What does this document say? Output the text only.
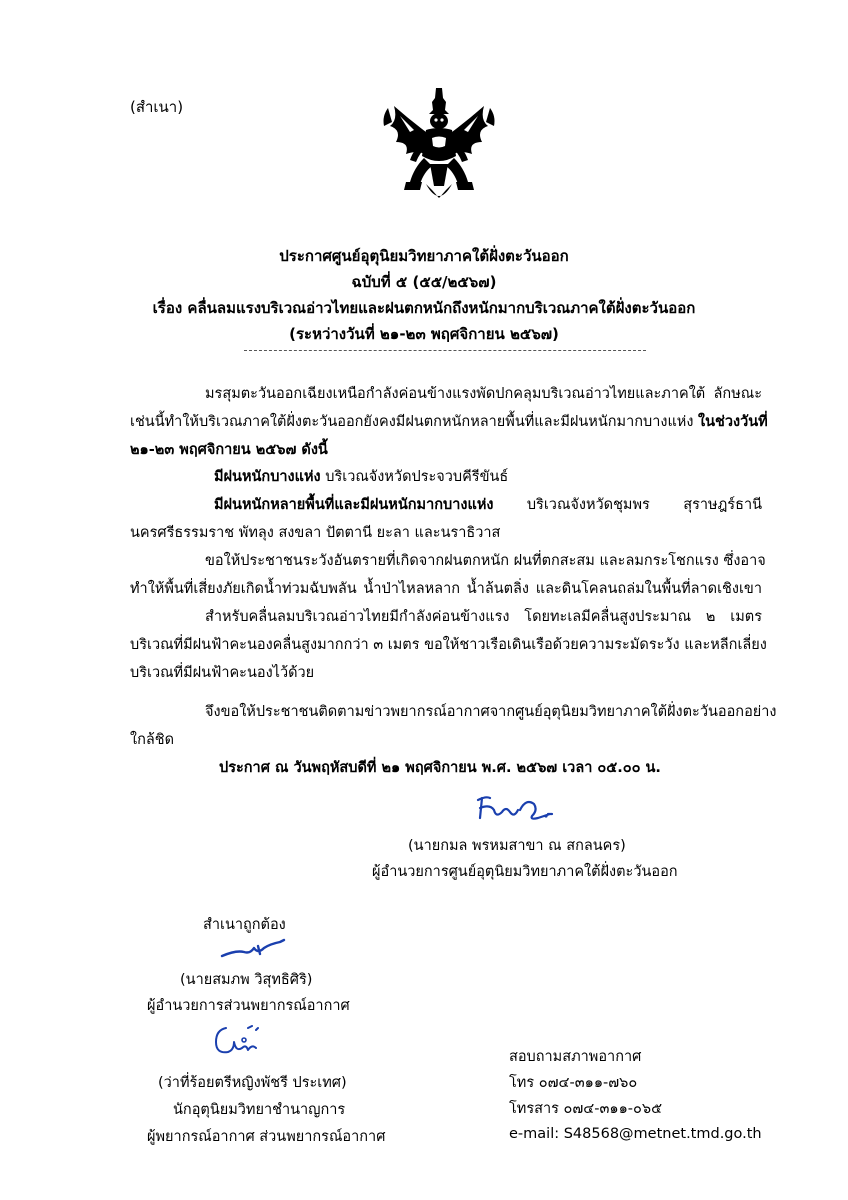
(สำเนา)
ประกาศศูนย์อุตุนิยมวิทยาภาคใต้ฝั่งตะวันออก
ฉบับที่ ๕ (๕๕/๒๕๖๗)
เรื่อง คลื่นลมแรงบริเวณอ่าวไทยและฝนตกหนักถึงหนักมากบริเวณภาคใต้ฝั่งตะวันออก
(ระหว่างวันที่ ๒๑-๒๓ พฤศจิกายน ๒๕๖๗)
มรสุมตะวันออกเฉียงเหนือกำลังค่อนข้างแรงพัดปกคลุมบริเวณอ่าวไทยและภาคใต้ ลักษณะ
เช่นนี้ทำให้บริเวณภาคใต้ฝั่งตะวันออกยังคงมีฝนตกหนักหลายพื้นที่และมีฝนหนักมากบางแห่ง ในช่วงวันที่
๒๑-๒๓ พฤศจิกายน ๒๕๖๗ ดังนี้
มีฝนหนักบางแห่ง บริเวณจังหวัดประจวบคีรีขันธ์
มีฝนหนักหลายพื้นที่และมีฝนหนักมากบางแห่ง บริเวณจังหวัดชุมพร สุราษฎร์ธานี
นครศรีธรรมราช พัทลุง สงขลา ปัตตานี ยะลา และนราธิวาส
ขอให้ประชาชนระวังอันตรายที่เกิดจากฝนตกหนัก ฝนที่ตกสะสม และลมกระโชกแรง ซึ่งอาจ
ทำให้พื้นที่เสี่ยงภัยเกิดน้ำท่วมฉับพลัน น้ำป่าไหลหลาก น้ำล้นตลิ่ง และดินโคลนถล่มในพื้นที่ลาดเชิงเขา
สำหรับคลื่นลมบริเวณอ่าวไทยมีกำลังค่อนข้างแรง โดยทะเลมีคลื่นสูงประมาณ ๒ เมตร
บริเวณที่มีฝนฟ้าคะนองคลื่นสูงมากกว่า ๓ เมตร ขอให้ชาวเรือเดินเรือด้วยความระมัดระวัง และหลีกเลี่ยง
บริเวณที่มีฝนฟ้าคะนองไว้ด้วย
จึงขอให้ประชาชนติดตามข่าวพยากรณ์อากาศจากศูนย์อุตุนิยมวิทยาภาคใต้ฝั่งตะวันออกอย่าง
ใกล้ชิด
ประกาศ ณ วันพฤหัสบดีที่ ๒๑ พฤศจิกายน พ.ศ. ๒๕๖๗ เวลา ๐๕.๐๐ น.
(นายกมล พรหมสาขา ณ สกลนคร)
ผู้อำนวยการศูนย์อุตุนิยมวิทยาภาคใต้ฝั่งตะวันออก
สำเนาถูกต้อง
(นายสมภพ วิสุทธิศิริ)
ผู้อำนวยการส่วนพยากรณ์อากาศ
(ว่าที่ร้อยตรีหญิงพัชรี ประเทศ)
นักอุตุนิยมวิทยาชำนาญการ
ผู้พยากรณ์อากาศ ส่วนพยากรณ์อากาศ
สอบถามสภาพอากาศ
โทร ๐๗๔-๓๑๑-๗๖๐
โทรสาร ๐๗๔-๓๑๑-๐๖๕
e-mail: S48568@metnet.tmd.go.th
